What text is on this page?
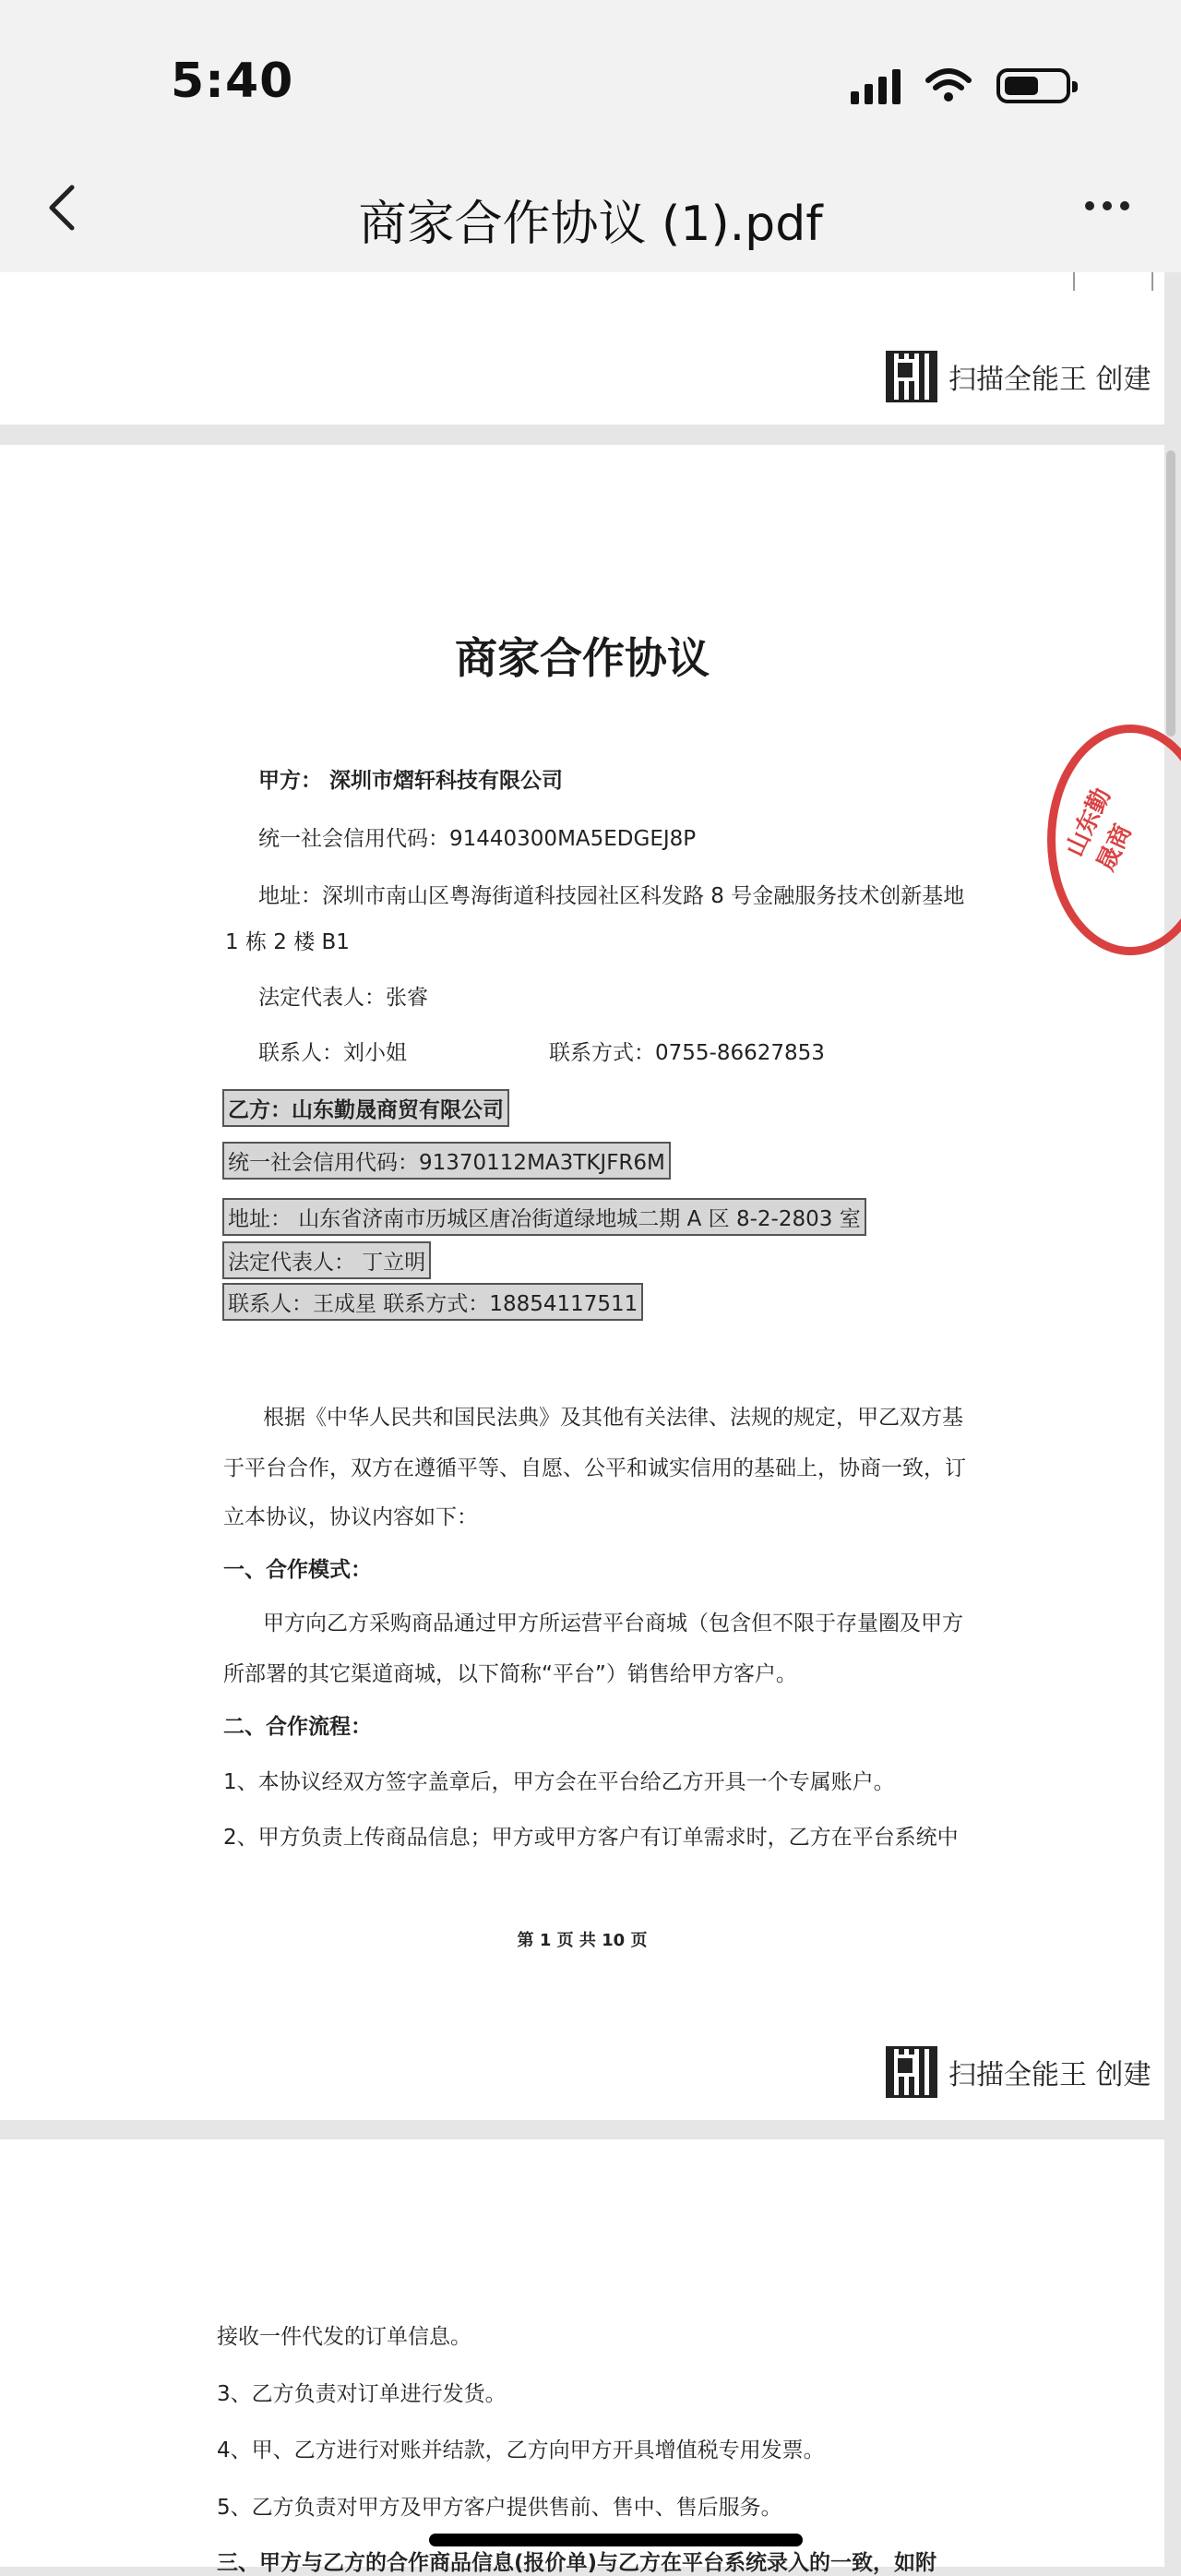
5:40
商家合作协议 (1).pdf
扫描全能王 创建
商家合作协议
甲方： 深圳市熠轩科技有限公司
统一社会信用代码：91440300MA5EDGEJ8P
地址：深圳市南山区粤海街道科技园社区科发路 8 号金融服务技术创新基地
1 栋 2 楼 B1
法定代表人：张睿
联系人：刘小姐	联系方式：0755-86627853
乙方：山东勤晟商贸有限公司
统一社会信用代码：91370112MA3TKJFR6M
地址： 山东省济南市历城区唐冶街道绿地城二期 A 区 8-2-2803 室
法定代表人： 丁立明
联系人：王成星 联系方式：18854117511
根据《中华人民共和国民法典》及其他有关法律、法规的规定，甲乙双方基
于平台合作，双方在遵循平等、自愿、公平和诚实信用的基础上，协商一致，订
立本协议，协议内容如下：
一、合作模式：
甲方向乙方采购商品通过甲方所运营平台商城（包含但不限于存量圈及甲方
所部署的其它渠道商城，以下简称“平台”）销售给甲方客户。
二、合作流程：
1、本协议经双方签字盖章后，甲方会在平台给乙方开具一个专属账户。
2、甲方负责上传商品信息；甲方或甲方客户有订单需求时，乙方在平台系统中
第 1 页 共 10 页
扫描全能王 创建
山东勤晟商
接收一件代发的订单信息。
3、乙方负责对订单进行发货。
4、甲、乙方进行对账并结款，乙方向甲方开具增值税专用发票。
5、乙方负责对甲方及甲方客户提供售前、售中、售后服务。
三、甲方与乙方的合作商品信息(报价单)与乙方在平台系统录入的一致，如附
